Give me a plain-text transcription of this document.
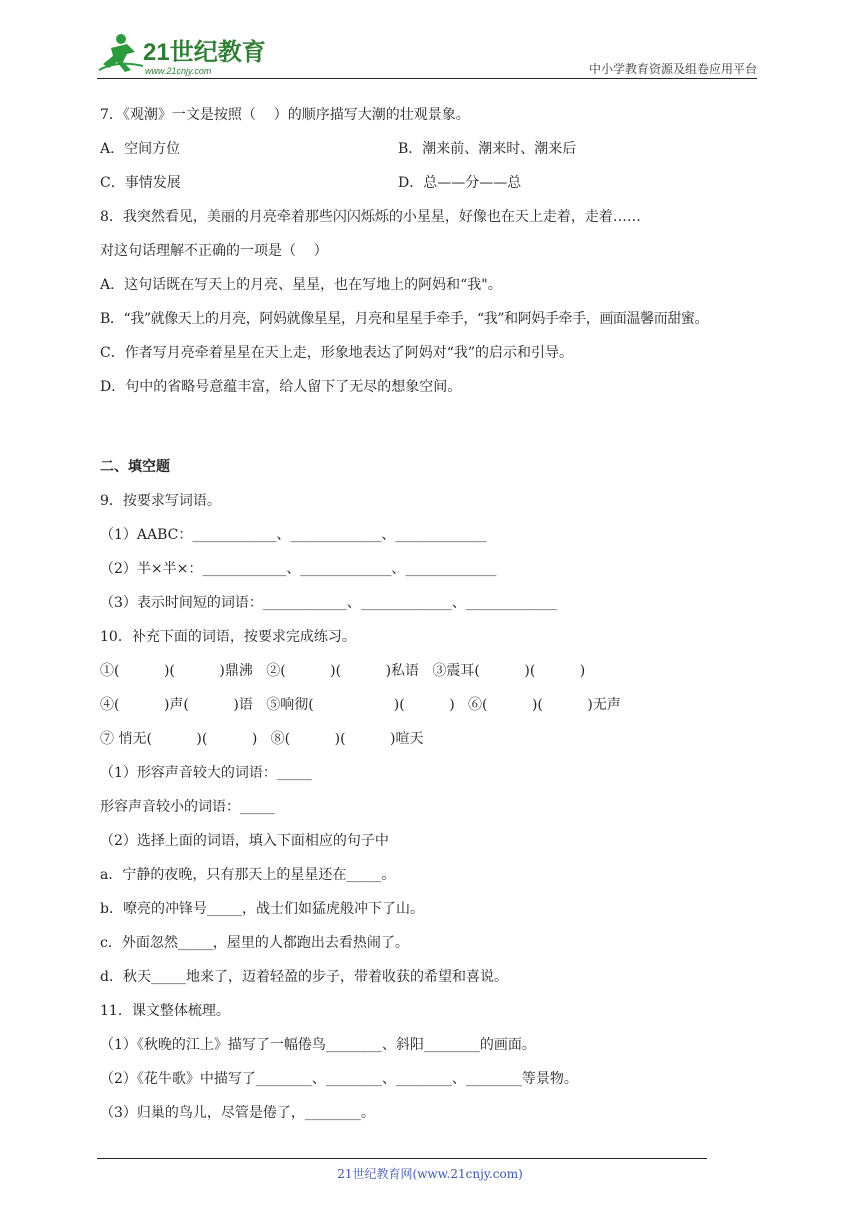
21世纪教育
www.21cnjy.com	中小学教育资源及组卷应用平台
7．《观潮》一文是按照（    ）的顺序描写大潮的壮观景象。
A．空间方位	B．潮来前、潮来时、潮来后
C．事情发展	D．总——分——总
8．我突然看见，美丽的月亮牵着那些闪闪烁烁的小星星，好像也在天上走着，走着……
对这句话理解不正确的一项是（    ）
A．这句话既在写天上的月亮、星星，也在写地上的阿妈和“我"。
B．“我”就像天上的月亮，阿妈就像星星，月亮和星星手牵手，“我”和阿妈手牵手，画面温馨而甜蜜。
C．作者写月亮牵着星星在天上走，形象地表达了阿妈对“我”的启示和引导。
D．句中的省略号意蕴丰富，给人留下了无尽的想象空间。
二、填空题
9．按要求写词语。
（1）AABC：____________、_____________、_____________
（2）半×半×：____________、_____________、_____________
（3）表示时间短的词语：____________、_____________、_____________
10．补充下面的词语，按要求完成练习。
①(          )(          )鼎沸   ②(          )(          )私语   ③震耳(          )(          )
④(          )声(          )语   ⑤响彻(                  )(          )   ⑥(          )(          )无声
⑦ 悄无(          )(          )   ⑧(          )(          )喧天
（1）形容声音较大的词语：_____
形容声音较小的词语：_____
（2）选择上面的词语，填入下面相应的句子中
a．宁静的夜晚，只有那天上的星星还在_____。
b．嘹亮的冲锋号_____，战士们如猛虎般冲下了山。
c．外面忽然_____，屋里的人都跑出去看热闹了。
d．秋天_____地来了，迈着轻盈的步子，带着收获的希望和喜说。
11．课文整体梳理。
（1）《秋晚的江上》描写了一幅倦鸟________、斜阳________的画面。
（2）《花牛歌》中描写了________、________、________、________等景物。
（3）归巢的鸟儿，尽管是倦了，________。
21世纪教育网(www.21cnjy.com)
